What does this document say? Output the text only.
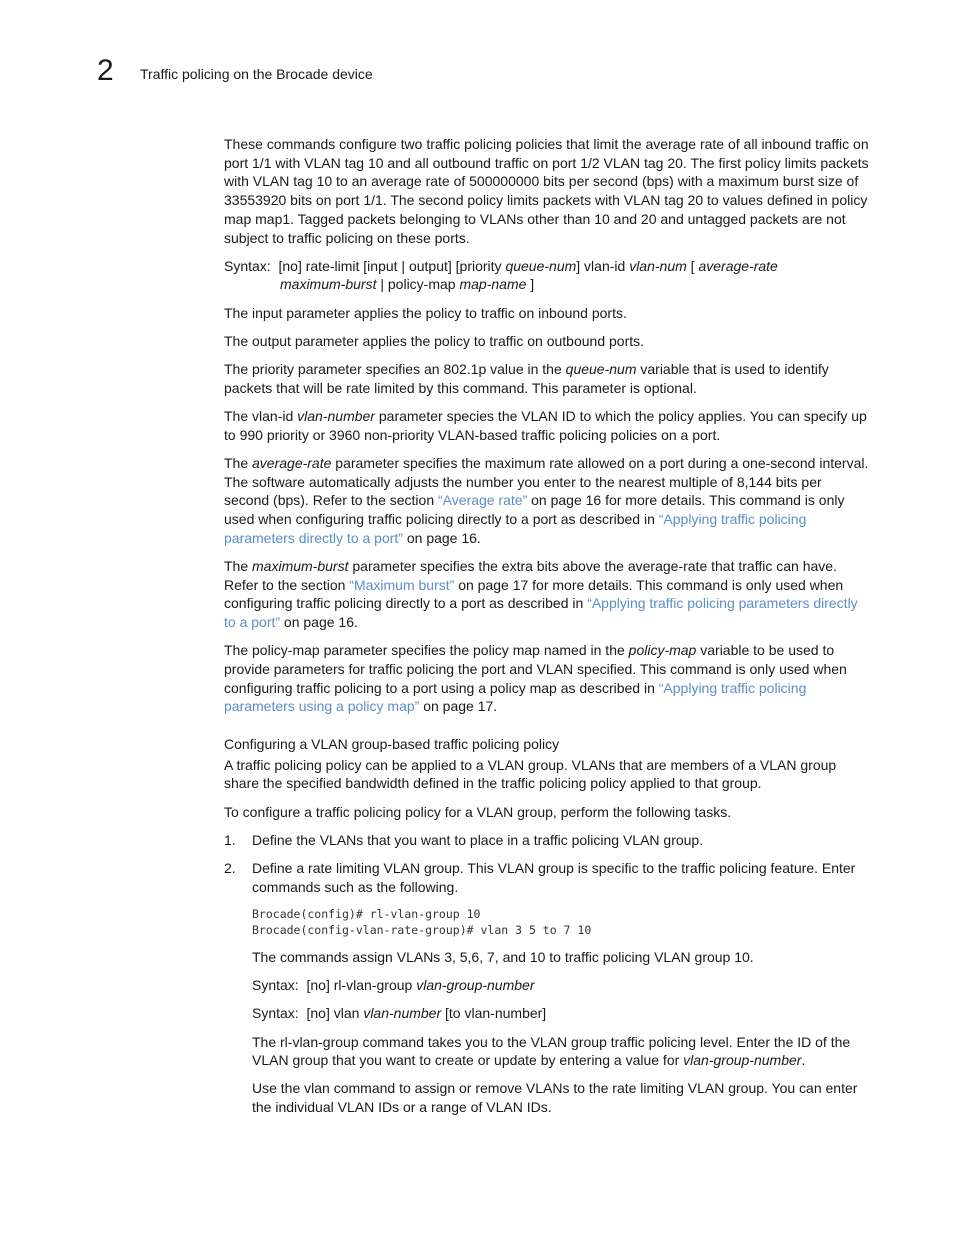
2 Traffic policing on the Brocade device

These commands configure two traffic policing policies that limit the average rate of all inbound traffic on port 1/1 with VLAN tag 10 and all outbound traffic on port 1/2 VLAN tag 20. The first policy limits packets with VLAN tag 10 to an average rate of 500000000 bits per second (bps) with a maximum burst size of 33553920 bits on port 1/1. The second policy limits packets with VLAN tag 20 to values defined in policy map map1. Tagged packets belonging to VLANs other than 10 and 20 and untagged packets are not subject to traffic policing on these ports.

Syntax: [no] rate-limit [input | output] [priority queue-num] vlan-id vlan-num [ average-rate
maximum-burst | policy-map map-name ]

The input parameter applies the policy to traffic on inbound ports.

The output parameter applies the policy to traffic on outbound ports.

The priority parameter specifies an 802.1p value in the queue-num variable that is used to identify packets that will be rate limited by this command. This parameter is optional.

The vlan-id vlan-number parameter species the VLAN ID to which the policy applies. You can specify up to 990 priority or 3960 non-priority VLAN-based traffic policing policies on a port.

The average-rate parameter specifies the maximum rate allowed on a port during a one-second interval. The software automatically adjusts the number you enter to the nearest multiple of 8,144 bits per second (bps). Refer to the section “Average rate” on page 16 for more details. This command is only used when configuring traffic policing directly to a port as described in “Applying traffic policing parameters directly to a port” on page 16.

The maximum-burst parameter specifies the extra bits above the average-rate that traffic can have. Refer to the section “Maximum burst” on page 17 for more details. This command is only used when configuring traffic policing directly to a port as described in “Applying traffic policing parameters directly to a port” on page 16.

The policy-map parameter specifies the policy map named in the policy-map variable to be used to provide parameters for traffic policing the port and VLAN specified. This command is only used when configuring traffic policing to a port using a policy map as described in “Applying traffic policing parameters using a policy map” on page 17.

Configuring a VLAN group-based traffic policing policy

A traffic policing policy can be applied to a VLAN group. VLANs that are members of a VLAN group share the specified bandwidth defined in the traffic policing policy applied to that group.

To configure a traffic policing policy for a VLAN group, perform the following tasks.

1. Define the VLANs that you want to place in a traffic policing VLAN group.
2. Define a rate limiting VLAN group. This VLAN group is specific to the traffic policing feature. Enter commands such as the following.
Brocade(config)# rl-vlan-group 10
Brocade(config-vlan-rate-group)# vlan 3 5 to 7 10

The commands assign VLANs 3, 5,6, 7, and 10 to traffic policing VLAN group 10.

Syntax: [no] rl-vlan-group vlan-group-number

Syntax: [no] vlan vlan-number [to vlan-number]

The rl-vlan-group command takes you to the VLAN group traffic policing level. Enter the ID of the VLAN group that you want to create or update by entering a value for vlan-group-number.

Use the vlan command to assign or remove VLANs to the rate limiting VLAN group. You can enter the individual VLAN IDs or a range of VLAN IDs.
